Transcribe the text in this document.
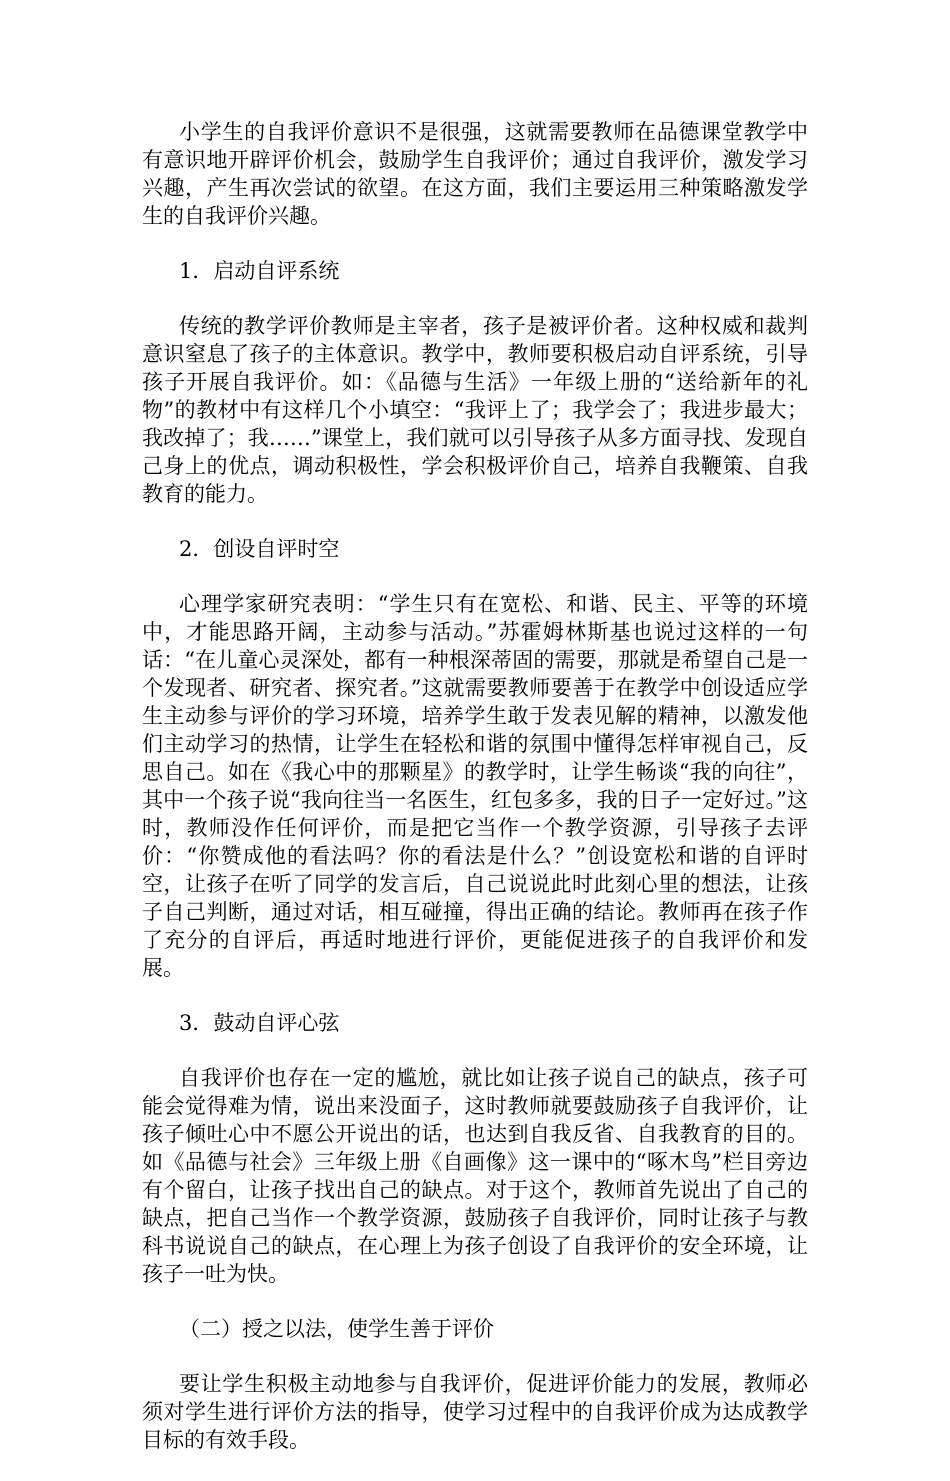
小学生的自我评价意识不是很强，这就需要教师在品德课堂教学中有意识地开辟评价机会，鼓励学生自我评价；通过自我评价，激发学习兴趣，产生再次尝试的欲望。在这方面，我们主要运用三种策略激发学生的自我评价兴趣。

1．启动自评系统

传统的教学评价教师是主宰者，孩子是被评价者。这种权威和裁判意识窒息了孩子的主体意识。教学中，教师要积极启动自评系统，引导孩子开展自我评价。如：《品德与生活》一年级上册的“送给新年的礼物”的教材中有这样几个小填空：“我评上了；我学会了；我进步最大；我改掉了；我……”课堂上，我们就可以引导孩子从多方面寻找、发现自己身上的优点，调动积极性，学会积极评价自己，培养自我鞭策、自我教育的能力。

2．创设自评时空

心理学家研究表明：“学生只有在宽松、和谐、民主、平等的环境中，才能思路开阔，主动参与活动。”苏霍姆林斯基也说过这样的一句话：“在儿童心灵深处，都有一种根深蒂固的需要，那就是希望自己是一个发现者、研究者、探究者。”这就需要教师要善于在教学中创设适应学生主动参与评价的学习环境，培养学生敢于发表见解的精神，以激发他们主动学习的热情，让学生在轻松和谐的氛围中懂得怎样审视自己，反思自己。如在《我心中的那颗星》的教学时，让学生畅谈“我的向往”，其中一个孩子说“我向往当一名医生，红包多多，我的日子一定好过。”这时，教师没作任何评价，而是把它当作一个教学资源，引导孩子去评价：“你赞成他的看法吗？你的看法是什么？”创设宽松和谐的自评时空，让孩子在听了同学的发言后，自己说说此时此刻心里的想法，让孩子自己判断，通过对话，相互碰撞，得出正确的结论。教师再在孩子作了充分的自评后，再适时地进行评价，更能促进孩子的自我评价和发展。

3．鼓动自评心弦

自我评价也存在一定的尴尬，就比如让孩子说自己的缺点，孩子可能会觉得难为情，说出来没面子，这时教师就要鼓励孩子自我评价，让孩子倾吐心中不愿公开说出的话，也达到自我反省、自我教育的目的。如《品德与社会》三年级上册《自画像》这一课中的“啄木鸟”栏目旁边有个留白，让孩子找出自己的缺点。对于这个，教师首先说出了自己的缺点，把自己当作一个教学资源，鼓励孩子自我评价，同时让孩子与教科书说说自己的缺点，在心理上为孩子创设了自我评价的安全环境，让孩子一吐为快。

（二）授之以法，使学生善于评价

要让学生积极主动地参与自我评价，促进评价能力的发展，教师必须对学生进行评价方法的指导，使学习过程中的自我评价成为达成教学目标的有效手段。
